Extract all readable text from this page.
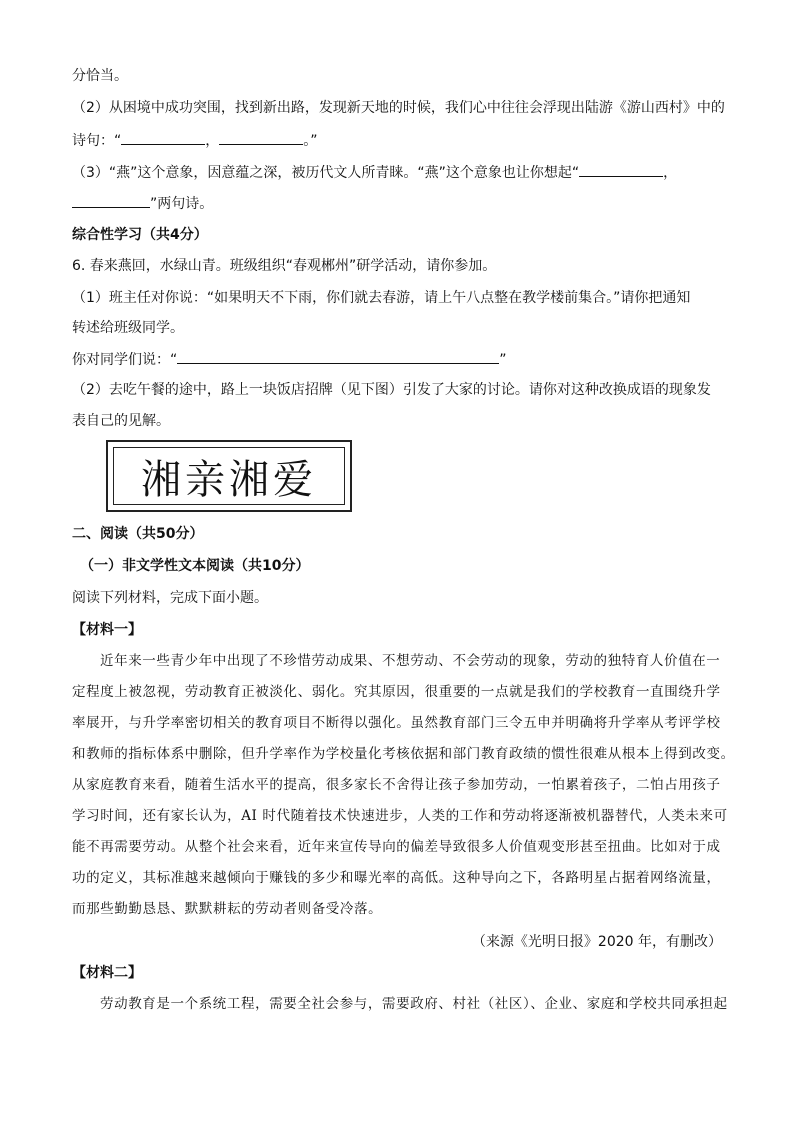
分恰当。
（2）从困境中成功突围，找到新出路，发现新天地的时候，我们心中往往会浮现出陆游《游山西村》中的
诗句：“	，	。”
（3）“燕”这个意象，因意蕴之深，被历代文人所青睐。“燕”这个意象也让你想起“	，
”两句诗。
综合性学习（共4分）
6. 春来燕回，水绿山青。班级组织“春观郴州”研学活动，请你参加。
（1）班主任对你说：“如果明天不下雨，你们就去春游，请上午八点整在教学楼前集合。”请你把通知
转述给班级同学。
你对同学们说：“	”
（2）去吃午餐的途中，路上一块饭店招牌（见下图）引发了大家的讨论。请你对这种改换成语的现象发
表自己的见解。
湘亲湘爱
二、阅读（共50分）
（一）非文学性文本阅读（共10分）
阅读下列材料，完成下面小题。
【材料一】
近年来一些青少年中出现了不珍惜劳动成果、不想劳动、不会劳动的现象，劳动的独特育人价值在一
定程度上被忽视，劳动教育正被淡化、弱化。究其原因，很重要的一点就是我们的学校教育一直围绕升学
率展开，与升学率密切相关的教育项目不断得以强化。虽然教育部门三令五申并明确将升学率从考评学校
和教师的指标体系中删除，但升学率作为学校量化考核依据和部门教育政绩的惯性很难从根本上得到改变。
从家庭教育来看，随着生活水平的提高，很多家长不舍得让孩子参加劳动，一怕累着孩子，二怕占用孩子
学习时间，还有家长认为，AI 时代随着技术快速进步，人类的工作和劳动将逐渐被机器替代，人类未来可
能不再需要劳动。从整个社会来看，近年来宣传导向的偏差导致很多人价值观变形甚至扭曲。比如对于成
功的定义，其标准越来越倾向于赚钱的多少和曝光率的高低。这种导向之下，各路明星占据着网络流量，
而那些勤勤恳恳、默默耕耘的劳动者则备受冷落。
（来源《光明日报》2020 年，有删改）
【材料二】
劳动教育是一个系统工程，需要全社会参与，需要政府、村社（社区）、企业、家庭和学校共同承担起
